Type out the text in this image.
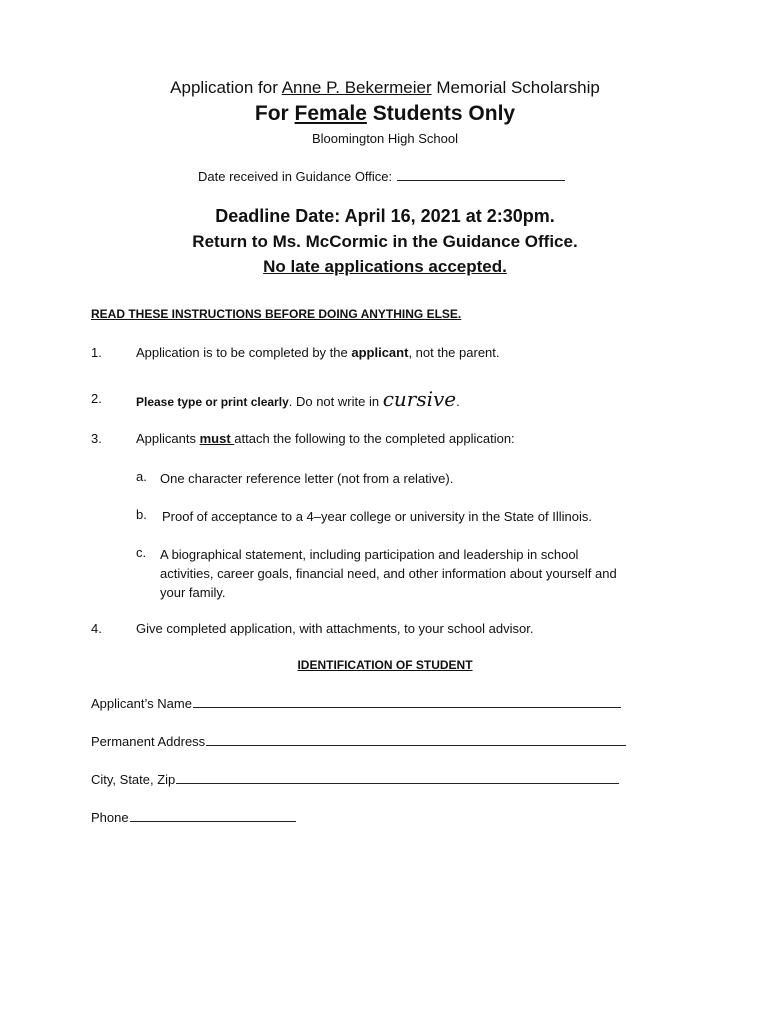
Application for Anne P. Bekermeier Memorial Scholarship
For Female Students Only
Bloomington High School
Date received in Guidance Office:
Deadline Date: April 16, 2021 at 2:30pm.
Return to Ms. McCormic in the Guidance Office.
No late applications accepted.
READ THESE INSTRUCTIONS BEFORE DOING ANYTHING ELSE.
1.	Application is to be completed by the applicant, not the parent.
2.	Please type or print clearly. Do not write in cursive.
3.	Applicants must attach the following to the completed application:
a. One character reference letter (not from a relative).
b. Proof of acceptance to a 4–year college or university in the State of Illinois.
c. A biographical statement, including participation and leadership in school activities, career goals, financial need, and other information about yourself and your family.
4.	Give completed application, with attachments, to your school advisor.
IDENTIFICATION OF STUDENT
Applicant’s Name
Permanent Address
City, State, Zip
Phone
